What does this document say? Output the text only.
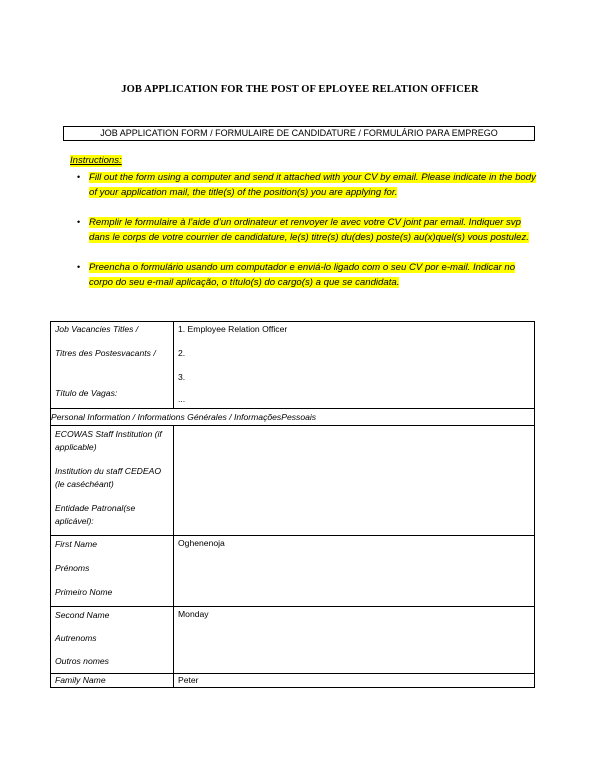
JOB APPLICATION FOR THE POST OF EPLOYEE RELATION OFFICER
JOB APPLICATION FORM / FORMULAIRE DE CANDIDATURE / FORMULÁRIO PARA EMPREGO
Instructions:
• Fill out the form using a computer and send it attached with your CV by email. Please indicate in the body of your application mail, the title(s) of the position(s) you are applying for.
• Remplir le formulaire à l’aide d’un ordinateur et renvoyer le avec votre CV joint par email. Indiquer svp dans le corps de votre courrier de candidature, le(s) titre(s) du(des) poste(s) au(x)quel(s) vous postulez.
• Preencha o formulário usando um computador e enviá-lo ligado com o seu CV por e-mail. Indicar no corpo do seu e-mail aplicação, o título(s) do cargo(s) a que se candidata.
Job Vacancies Titles /
Titres des Postesvacants /
Título de Vagas:	1. Employee Relation Officer
2.
3.
...

Personal Information / Informations Générales / InformaçõesPessoais	

ECOWAS Staff Institution (if applicable)
Institution du staff CEDEAO (le caséchéant)
Entidade Patronal(se aplicável):	

First Name
Prénoms
Primeiro Nome	Oghenenoja

Second Name
Autrenoms
Outros nomes	Monday

Family Name	Peter
